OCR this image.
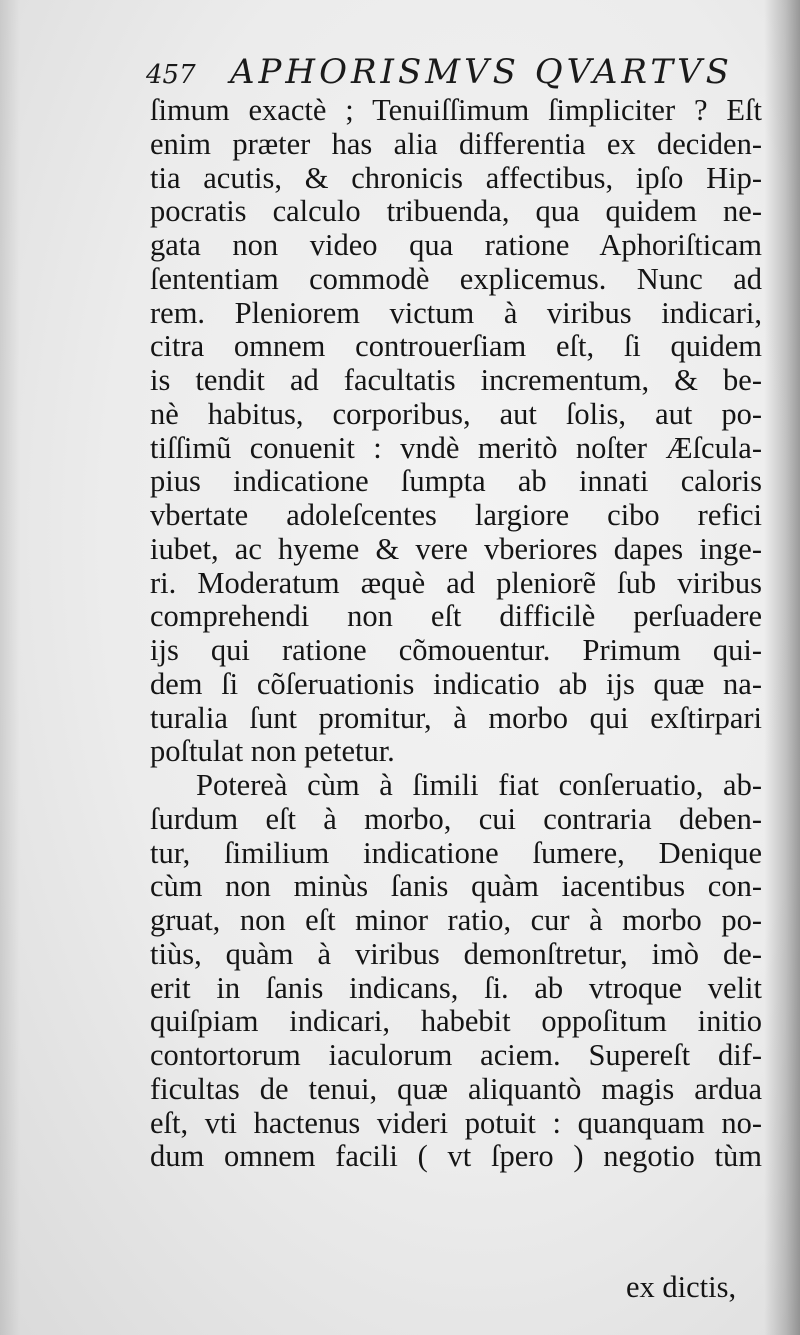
457 APHORISMVS QVARTVS
ſimum exactè ; Tenuiſſimum ſimpliciter ? Eſt
enim præter has alia differentia ex deciden-
tia acutis, & chronicis affectibus, ipſo Hip-
pocratis calculo tribuenda, qua quidem ne-
gata non video qua ratione Aphoriſticam
ſententiam commodè explicemus. Nunc ad
rem. Pleniorem victum à viribus indicari,
citra omnem controuerſiam eſt, ſi quidem
is tendit ad facultatis incrementum, & be-
nè habitus, corporibus, aut ſolis, aut po-
tiſſimũ conuenit : vndè meritò noſter Æſcula-
pius indicatione ſumpta ab innati caloris
vbertate adoleſcentes largiore cibo refici
iubet, ac hyeme & vere vberiores dapes inge-
ri. Moderatum æquè ad pleniorẽ ſub viribus
comprehendi non eſt difficilè perſuadere
ijs qui ratione cõmouentur. Primum qui-
dem ſi cõſeruationis indicatio ab ijs quæ na-
turalia ſunt promitur, à morbo qui exſtirpari
poſtulat non petetur.
Potereà cùm à ſimili fiat conſeruatio, ab-
ſurdum eſt à morbo, cui contraria deben-
tur, ſimilium indicatione ſumere, Denique
cùm non minùs ſanis quàm iacentibus con-
gruat, non eſt minor ratio, cur à morbo po-
tiùs, quàm à viribus demonſtretur, imò de-
erit in ſanis indicans, ſi. ab vtroque velit
quiſpiam indicari, habebit oppoſitum initio
contortorum iaculorum aciem. Supereſt dif-
ficultas de tenui, quæ aliquantò magis ardua
eſt, vti hactenus videri potuit : quanquam no-
dum omnem facili ( vt ſpero ) negotio tùm
ex dictis,
